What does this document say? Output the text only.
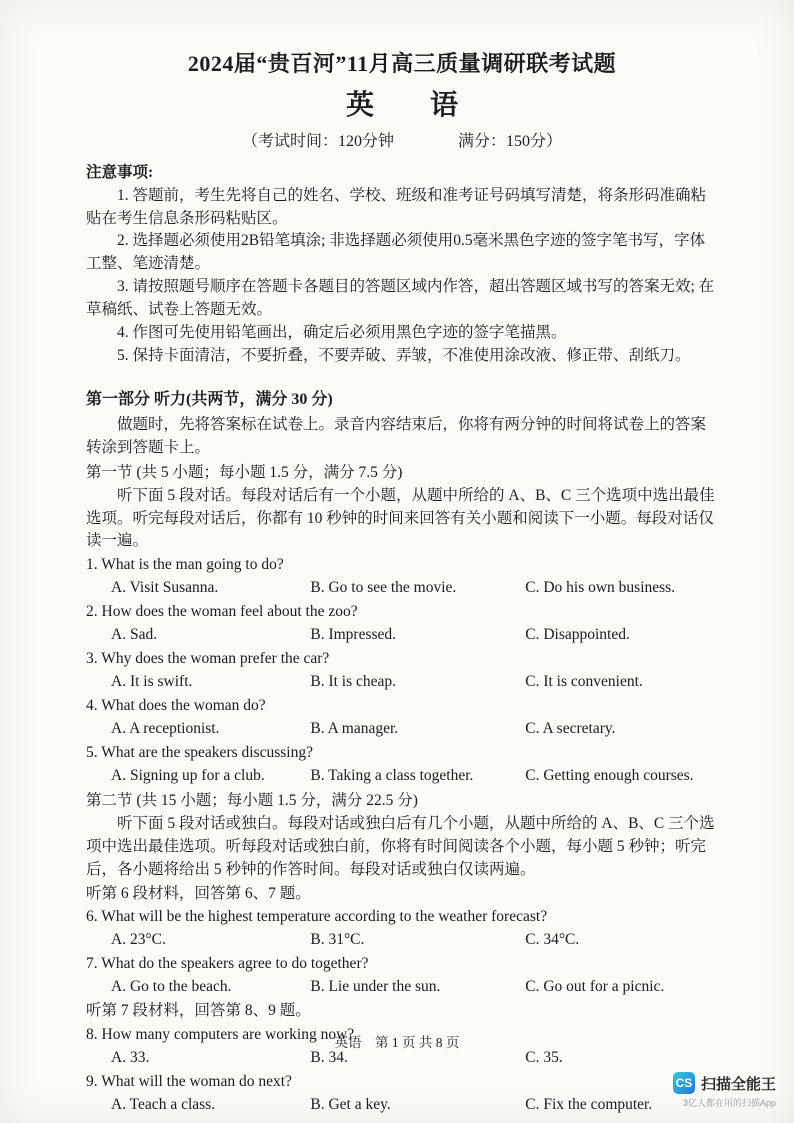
2024届“贵百河”11月高三质量调研联考试题
英　　语
（考试时间：120分钟　　　　满分：150分）
注意事项:

1. 答题前，考生先将自己的姓名、学校、班级和准考证号码填写清楚，将条形码准确粘贴在考生信息条形码粘贴区。

2. 选择题必须使用2B铅笔填涂; 非选择题必须使用0.5毫米黑色字迹的签字笔书写，字体工整、笔迹清楚。

3. 请按照题号顺序在答题卡各题目的答题区域内作答，超出答题区域书写的答案无效; 在草稿纸、试卷上答题无效。

4. 作图可先使用铅笔画出，确定后必须用黑色字迹的签字笔描黑。

5. 保持卡面清洁，不要折叠，不要弄破、弄皱，不准使用涂改液、修正带、刮纸刀。

第一部分 听力(共两节，满分 30 分)

做题时，先将答案标在试卷上。录音内容结束后，你将有两分钟的时间将试卷上的答案转涂到答题卡上。

第一节 (共 5 小题；每小题 1.5 分，满分 7.5 分)

听下面 5 段对话。每段对话后有一个小题，从题中所给的 A、B、C 三个选项中选出最佳选项。听完每段对话后，你都有 10 秒钟的时间来回答有关小题和阅读下一小题。每段对话仅读一遍。

1. What is the man going to do?
A. Visit Susanna.	B. Go to see the movie.	C. Do his own business.
2. How does the woman feel about the zoo?
A. Sad.	B. Impressed.	C. Disappointed.
3. Why does the woman prefer the car?
A. It is swift.	B. It is cheap.	C. It is convenient.
4. What does the woman do?
A. A receptionist.	B. A manager.	C. A secretary.
5. What are the speakers discussing?
A. Signing up for a club.	B. Taking a class together.	C. Getting enough courses.
第二节 (共 15 小题；每小题 1.5 分，满分 22.5 分)

听下面 5 段对话或独白。每段对话或独白后有几个小题，从题中所给的 A、B、C 三个选项中选出最佳选项。听每段对话或独白前，你将有时间阅读各个小题，每小题 5 秒钟；听完后，各小题将给出 5 秒钟的作答时间。每段对话或独白仅读两遍。

听第 6 段材料，回答第 6、7 题。
6. What will be the highest temperature according to the weather forecast?
A. 23°C.	B. 31°C.	C. 34°C.
7. What do the speakers agree to do together?
A. Go to the beach.	B. Lie under the sun.	C. Go out for a picnic.
听第 7 段材料，回答第 8、9 题。
8. How many computers are working now?
A. 33.	B. 34.	C. 35.
9. What will the woman do next?
A. Teach a class.	B. Get a key.	C. Fix the computer.
英语　第 1 页 共 8 页
CS 扫描全能王
3亿人都在用的扫描App
